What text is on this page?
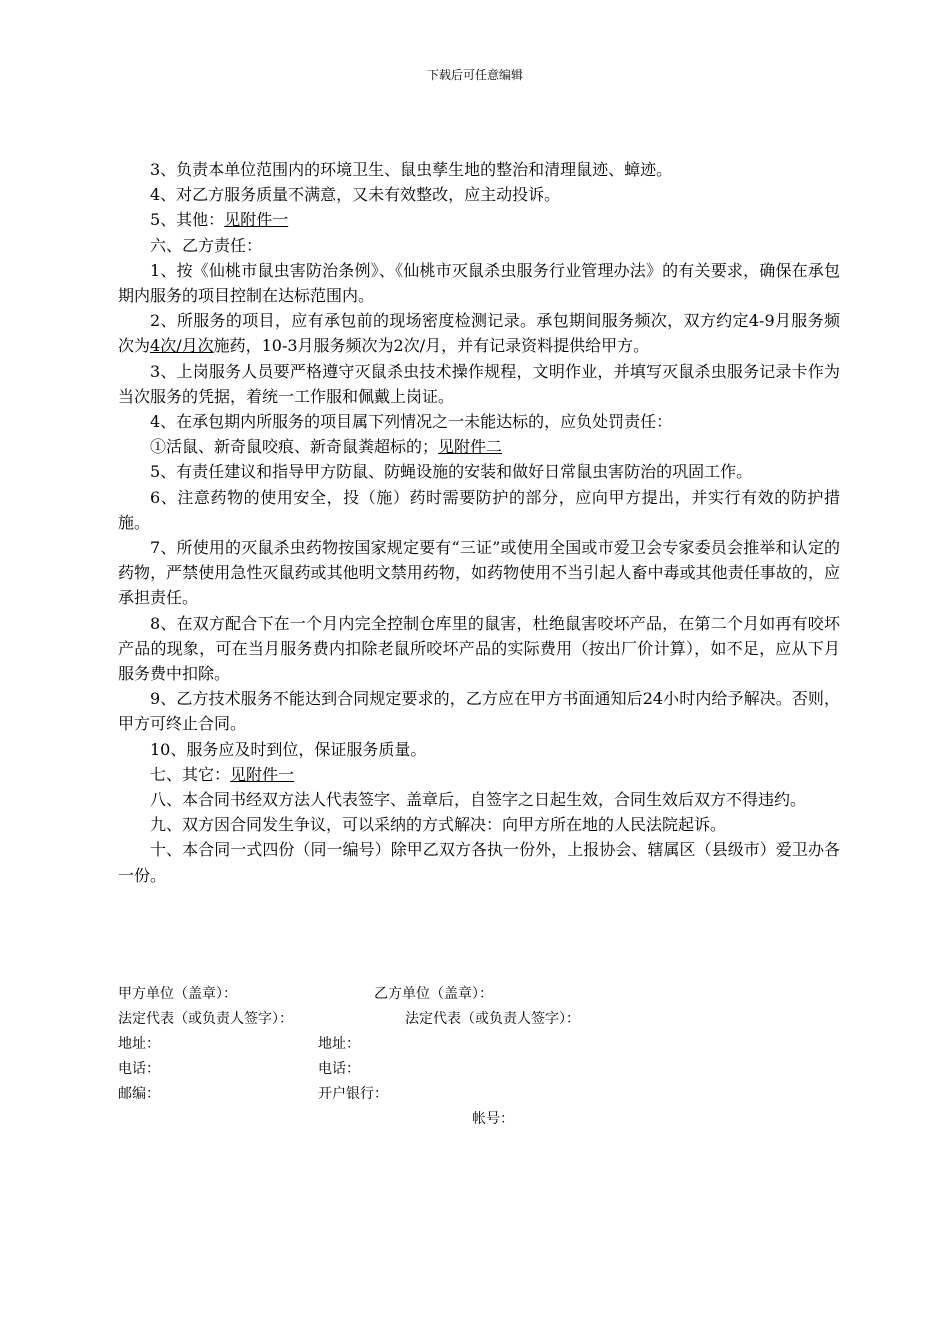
下载后可任意编辑

3、负责本单位范围内的环境卫生、鼠虫孳生地的整治和清理鼠迹、蟑迹。

4、对乙方服务质量不满意，又未有效整改，应主动投诉。

5、其他：见附件一

六、乙方责任：

1、按《仙桃市鼠虫害防治条例》、《仙桃市灭鼠杀虫服务行业管理办法》的有关要求，确保在承包期内服务的项目控制在达标范围内。

2、所服务的项目，应有承包前的现场密度检测记录。承包期间服务频次，双方约定4-9月服务频次为4次/月次施药，10-3月服务频次为2次/月，并有记录资料提供给甲方。

3、上岗服务人员要严格遵守灭鼠杀虫技术操作规程，文明作业，并填写灭鼠杀虫服务记录卡作为当次服务的凭据，着统一工作服和佩戴上岗证。

4、在承包期内所服务的项目属下列情况之一未能达标的，应负处罚责任：

①活鼠、新奇鼠咬痕、新奇鼠粪超标的；见附件二

5、有责任建议和指导甲方防鼠、防蝇设施的安装和做好日常鼠虫害防治的巩固工作。

6、注意药物的使用安全，投（施）药时需要防护的部分，应向甲方提出，并实行有效的防护措施。

7、所使用的灭鼠杀虫药物按国家规定要有“三证”或使用全国或市爱卫会专家委员会推举和认定的药物，严禁使用急性灭鼠药或其他明文禁用药物，如药物使用不当引起人畜中毒或其他责任事故的，应承担责任。

8、在双方配合下在一个月内完全控制仓库里的鼠害，杜绝鼠害咬坏产品，在第二个月如再有咬坏产品的现象，可在当月服务费内扣除老鼠所咬坏产品的实际费用（按出厂价计算），如不足，应从下月服务费中扣除。

9、乙方技术服务不能达到合同规定要求的，乙方应在甲方书面通知后24小时内给予解决。否则，甲方可终止合同。

10、服务应及时到位，保证服务质量。

七、其它：见附件一

八、本合同书经双方法人代表签字、盖章后，自签字之日起生效，合同生效后双方不得违约。

九、双方因合同发生争议，可以采纳的方式解决：向甲方所在地的人民法院起诉。

十、本合同一式四份（同一编号）除甲乙双方各执一份外，上报协会、辖属区（县级市）爱卫办各一份。

甲方单位（盖章）：	乙方单位（盖章）：
法定代表（或负责人签字）：	法定代表（或负责人签字）：
地址：	地址：
电话：	电话：
邮编：	开户银行：
帐号：
